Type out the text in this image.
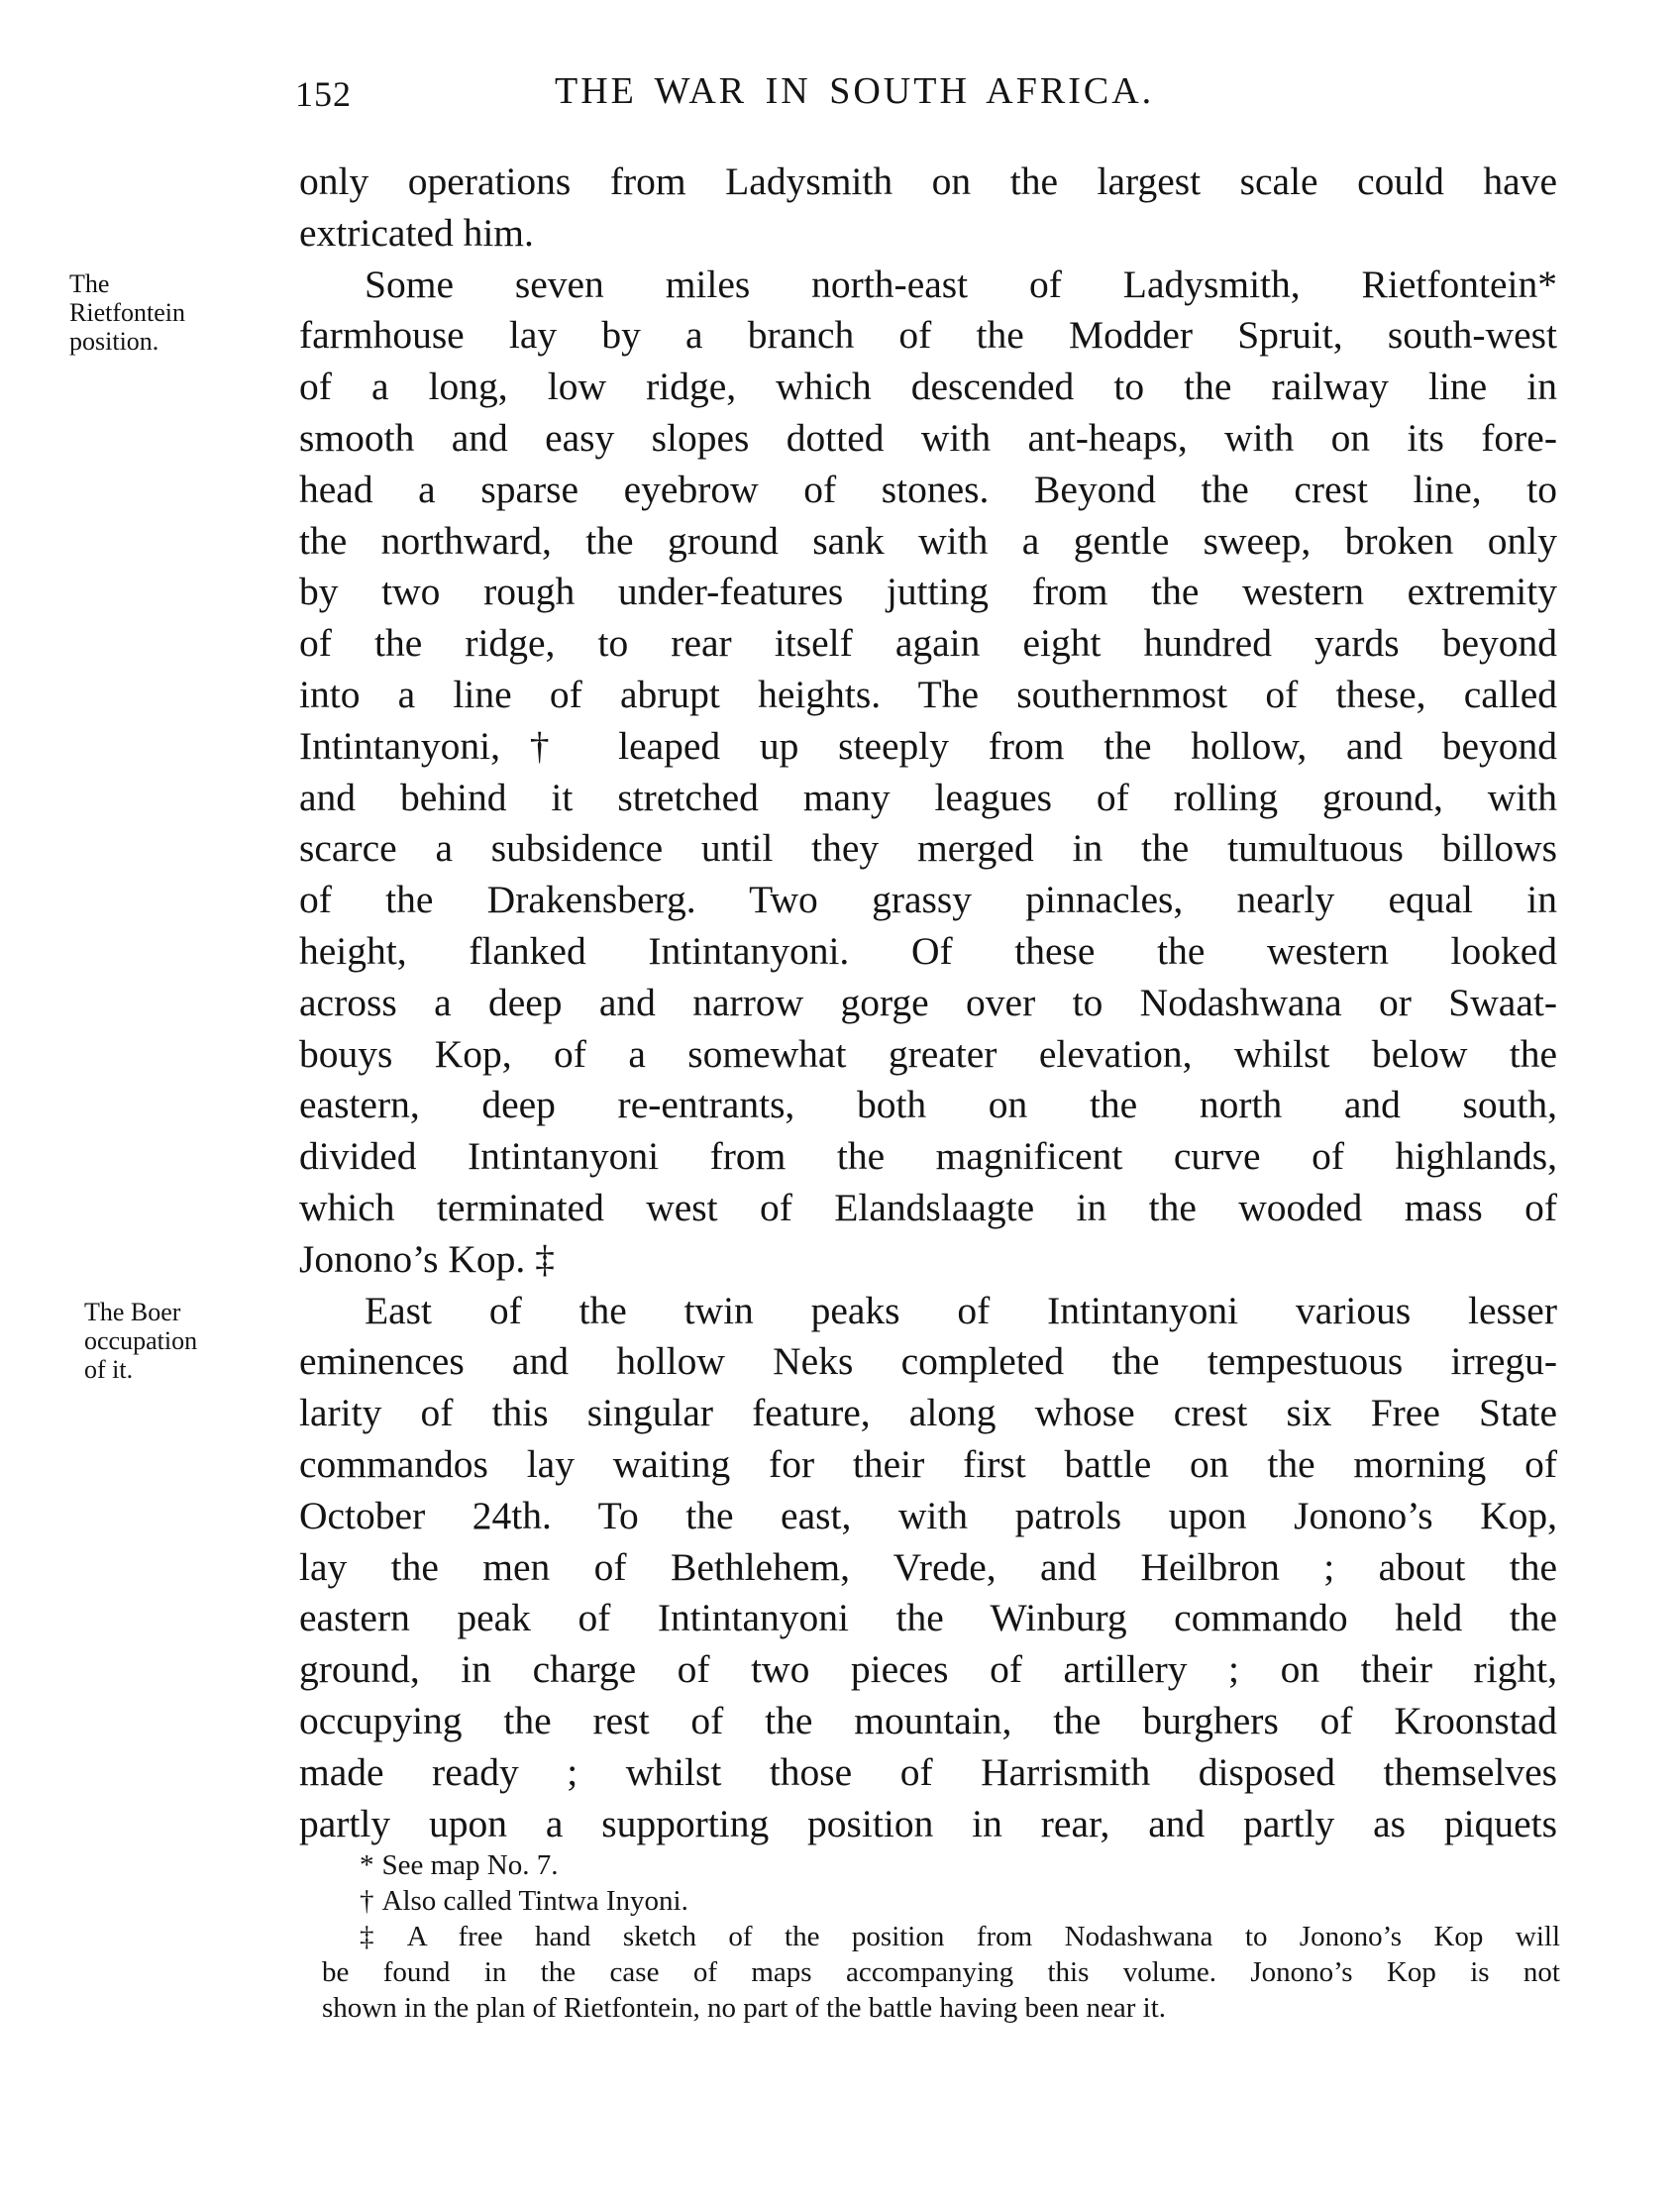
152	THE WAR IN SOUTH AFRICA.
The
Rietfontein
position.
The Boer
occupation
of it.
only operations from Ladysmith on the largest scale could have
extricated him.
Some seven miles north-east of Ladysmith, Rietfontein*
farmhouse lay by a branch of the Modder Spruit, south-west
of a long, low ridge, which descended to the railway line in
smooth and easy slopes dotted with ant-heaps, with on its fore-
head a sparse eyebrow of stones. Beyond the crest line, to
the northward, the ground sank with a gentle sweep, broken only
by two rough under-features jutting from the western extremity
of the ridge, to rear itself again eight hundred yards beyond
into a line of abrupt heights. The southernmost of these, called
Intintanyoni,† leaped up steeply from the hollow, and beyond
and behind it stretched many leagues of rolling ground, with
scarce a subsidence until they merged in the tumultuous billows
of the Drakensberg. Two grassy pinnacles, nearly equal in
height, flanked Intintanyoni. Of these the western looked
across a deep and narrow gorge over to Nodashwana or Swaat-
bouys Kop, of a somewhat greater elevation, whilst below the
eastern, deep re-entrants, both on the north and south,
divided Intintanyoni from the magnificent curve of highlands,
which terminated west of Elandslaagte in the wooded mass of
Jonono’s Kop. ‡
East of the twin peaks of Intintanyoni various lesser
eminences and hollow Neks completed the tempestuous irregu-
larity of this singular feature, along whose crest six Free State
commandos lay waiting for their first battle on the morning of
October 24th. To the east, with patrols upon Jonono’s Kop,
lay the men of Bethlehem, Vrede, and Heilbron ; about the
eastern peak of Intintanyoni the Winburg commando held the
ground, in charge of two pieces of artillery ; on their right,
occupying the rest of the mountain, the burghers of Kroonstad
made ready ; whilst those of Harrismith disposed themselves
partly upon a supporting position in rear, and partly as piquets
* See map No. 7.
† Also called Tintwa Inyoni.
‡ A free hand sketch of the position from Nodashwana to Jonono’s Kop will
be found in the case of maps accompanying this volume. Jonono’s Kop is not
shown in the plan of Rietfontein, no part of the battle having been near it.
